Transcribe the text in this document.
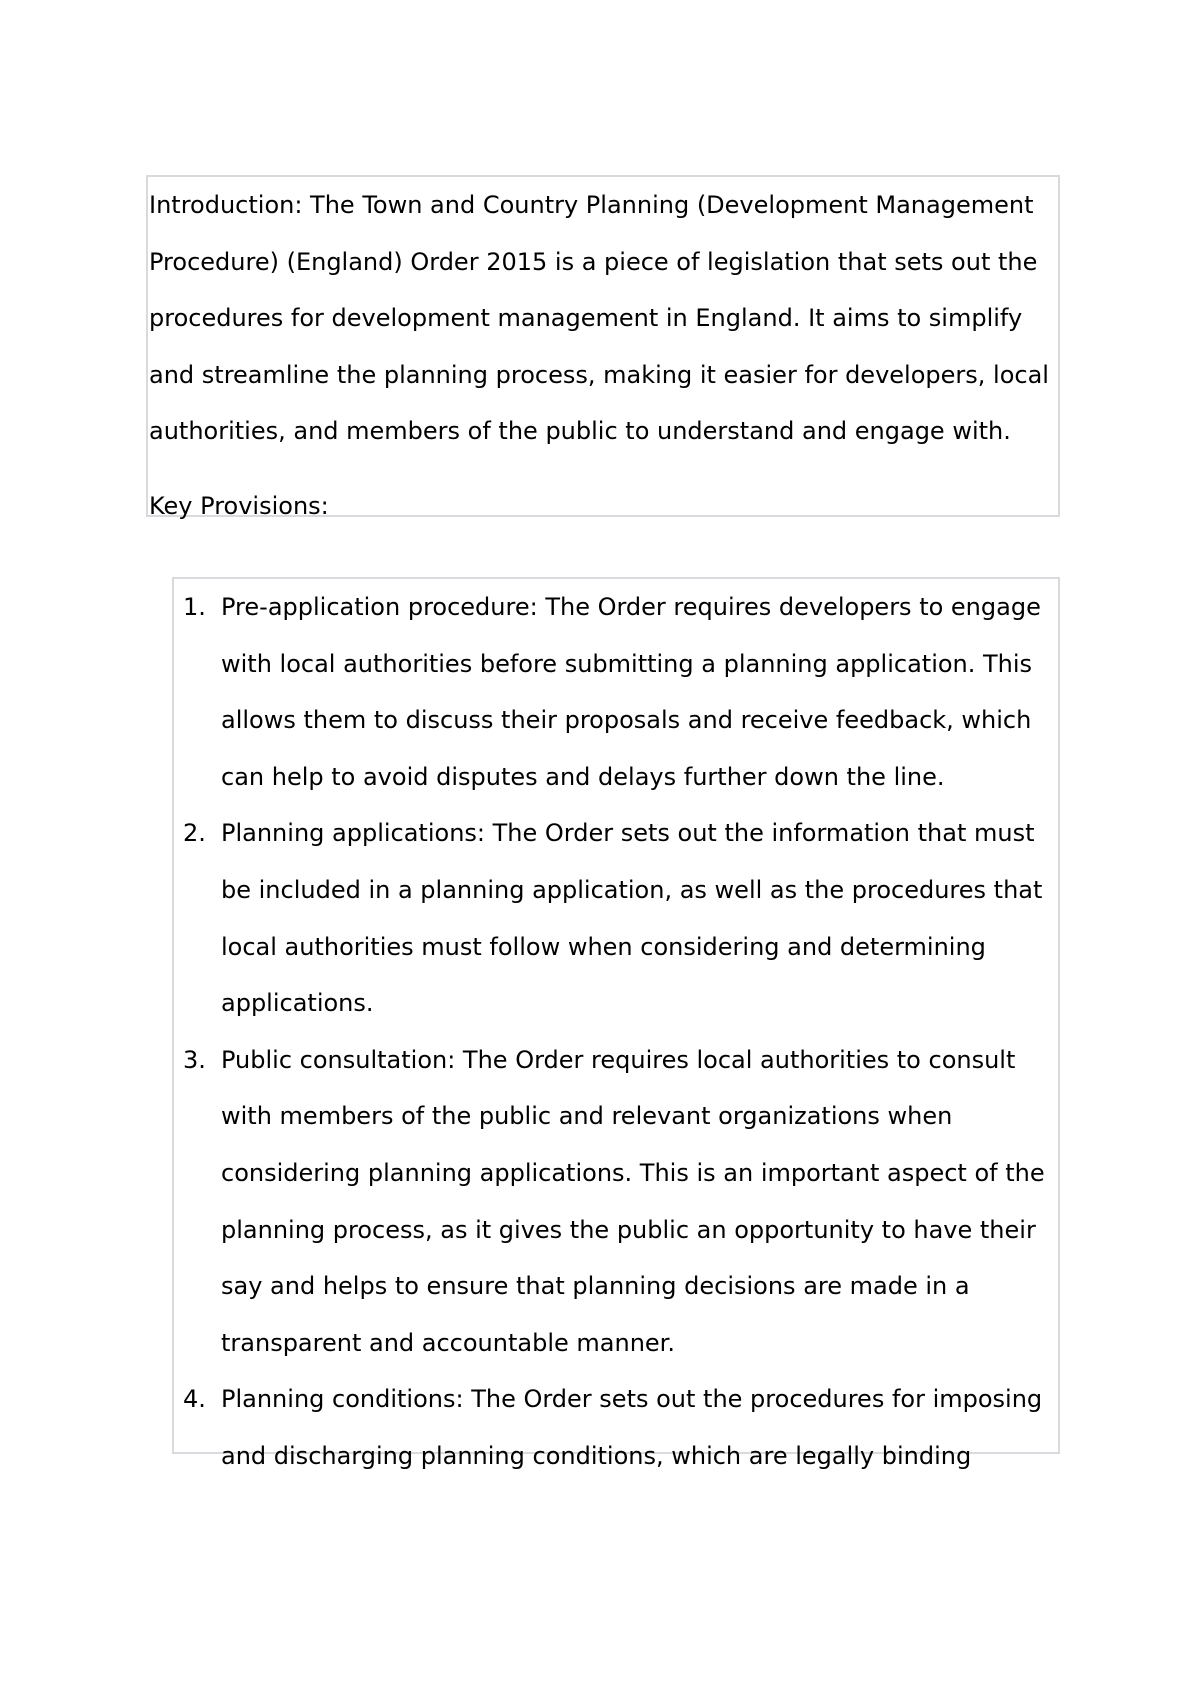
Introduction: The Town and Country Planning (Development Management Procedure) (England) Order 2015 is a piece of legislation that sets out the procedures for development management in England. It aims to simplify and streamline the planning process, making it easier for developers, local authorities, and members of the public to understand and engage with.

Key Provisions:

1. Pre-application procedure: The Order requires developers to engage with local authorities before submitting a planning application. This allows them to discuss their proposals and receive feedback, which can help to avoid disputes and delays further down the line.
2. Planning applications: The Order sets out the information that must be included in a planning application, as well as the procedures that local authorities must follow when considering and determining applications.
3. Public consultation: The Order requires local authorities to consult with members of the public and relevant organizations when considering planning applications. This is an important aspect of the planning process, as it gives the public an opportunity to have their say and helps to ensure that planning decisions are made in a transparent and accountable manner.
4. Planning conditions: The Order sets out the procedures for imposing and discharging planning conditions, which are legally binding
